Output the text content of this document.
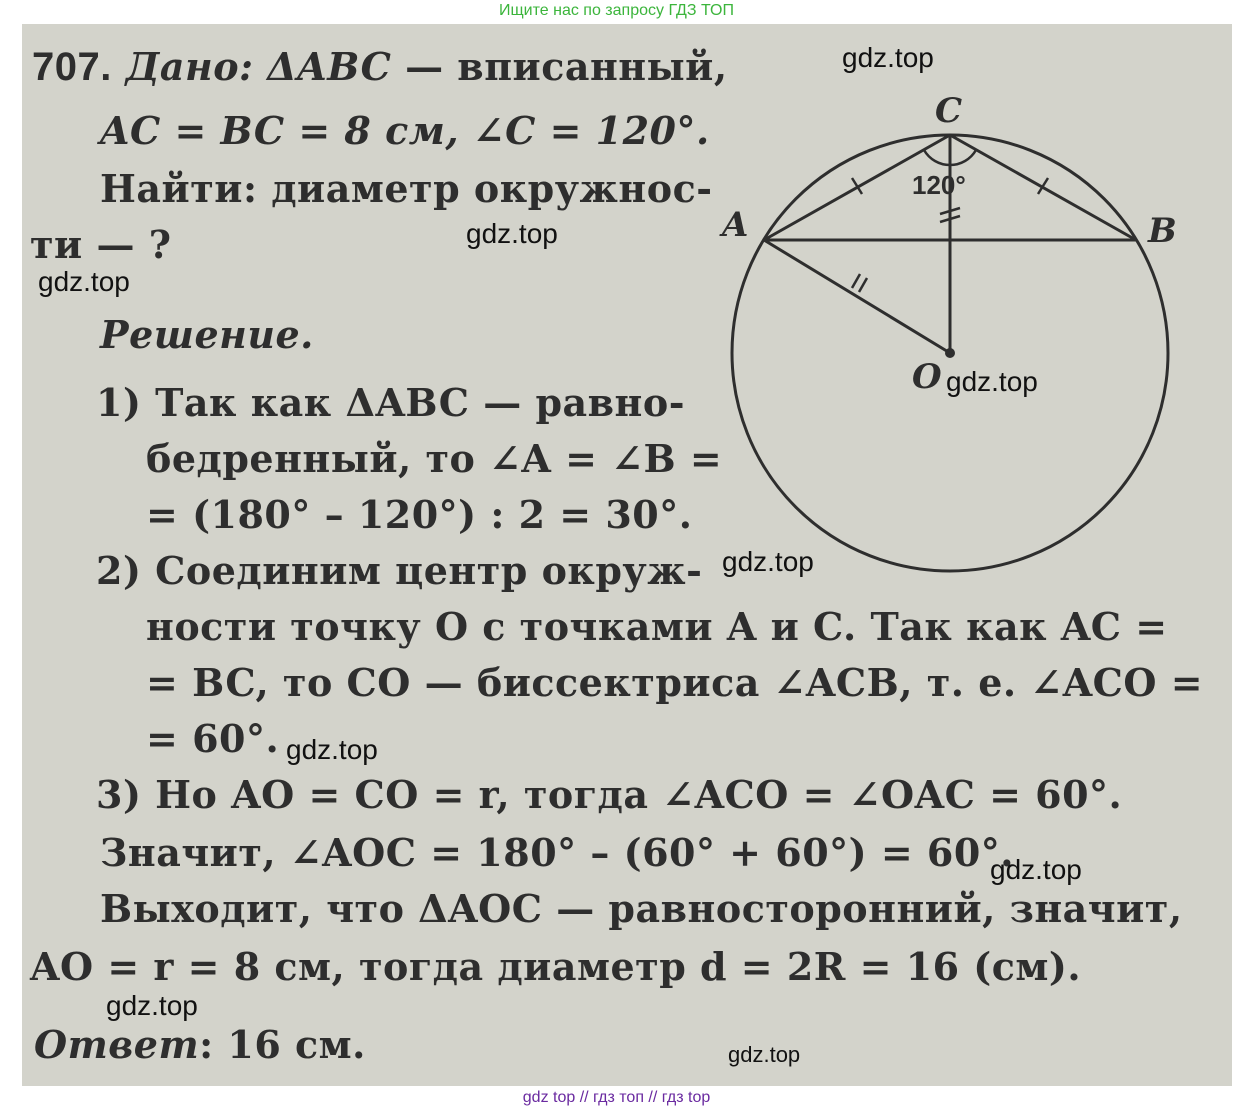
Ищите нас по запросу ГДЗ ТОП
707. Дано: ΔABC — вписанный,
AC = BC = 8 см, ∠C = 120°.
Найти: диаметр окружнос-
ти — ?
Решение.
1) Так как ΔABC — равно-
бедренный, то ∠A = ∠B =
= (180° – 120°) : 2 = 30°.
2) Соединим центр окруж-
ности точку O с точками A и C. Так как AC =
= BC, то CO — биссектриса ∠ACB, т. е. ∠ACO =
= 60°.
3) Но AO = CO = r, тогда ∠ACO = ∠OAC = 60°.
Значит, ∠AOC = 180° – (60° + 60°) = 60°.
Выходит, что ΔAOC — равносторонний, значит,
AO = r = 8 см, тогда диаметр d = 2R = 16 (см).
Ответ: 16 см.
120°
C
A	B
O
gdz.top
gdz.top
gdz.top
gdz.top
gdz.top
gdz.top
gdz.top
gdz.top
gdz.top
gdz top // гдз топ // гдз top
